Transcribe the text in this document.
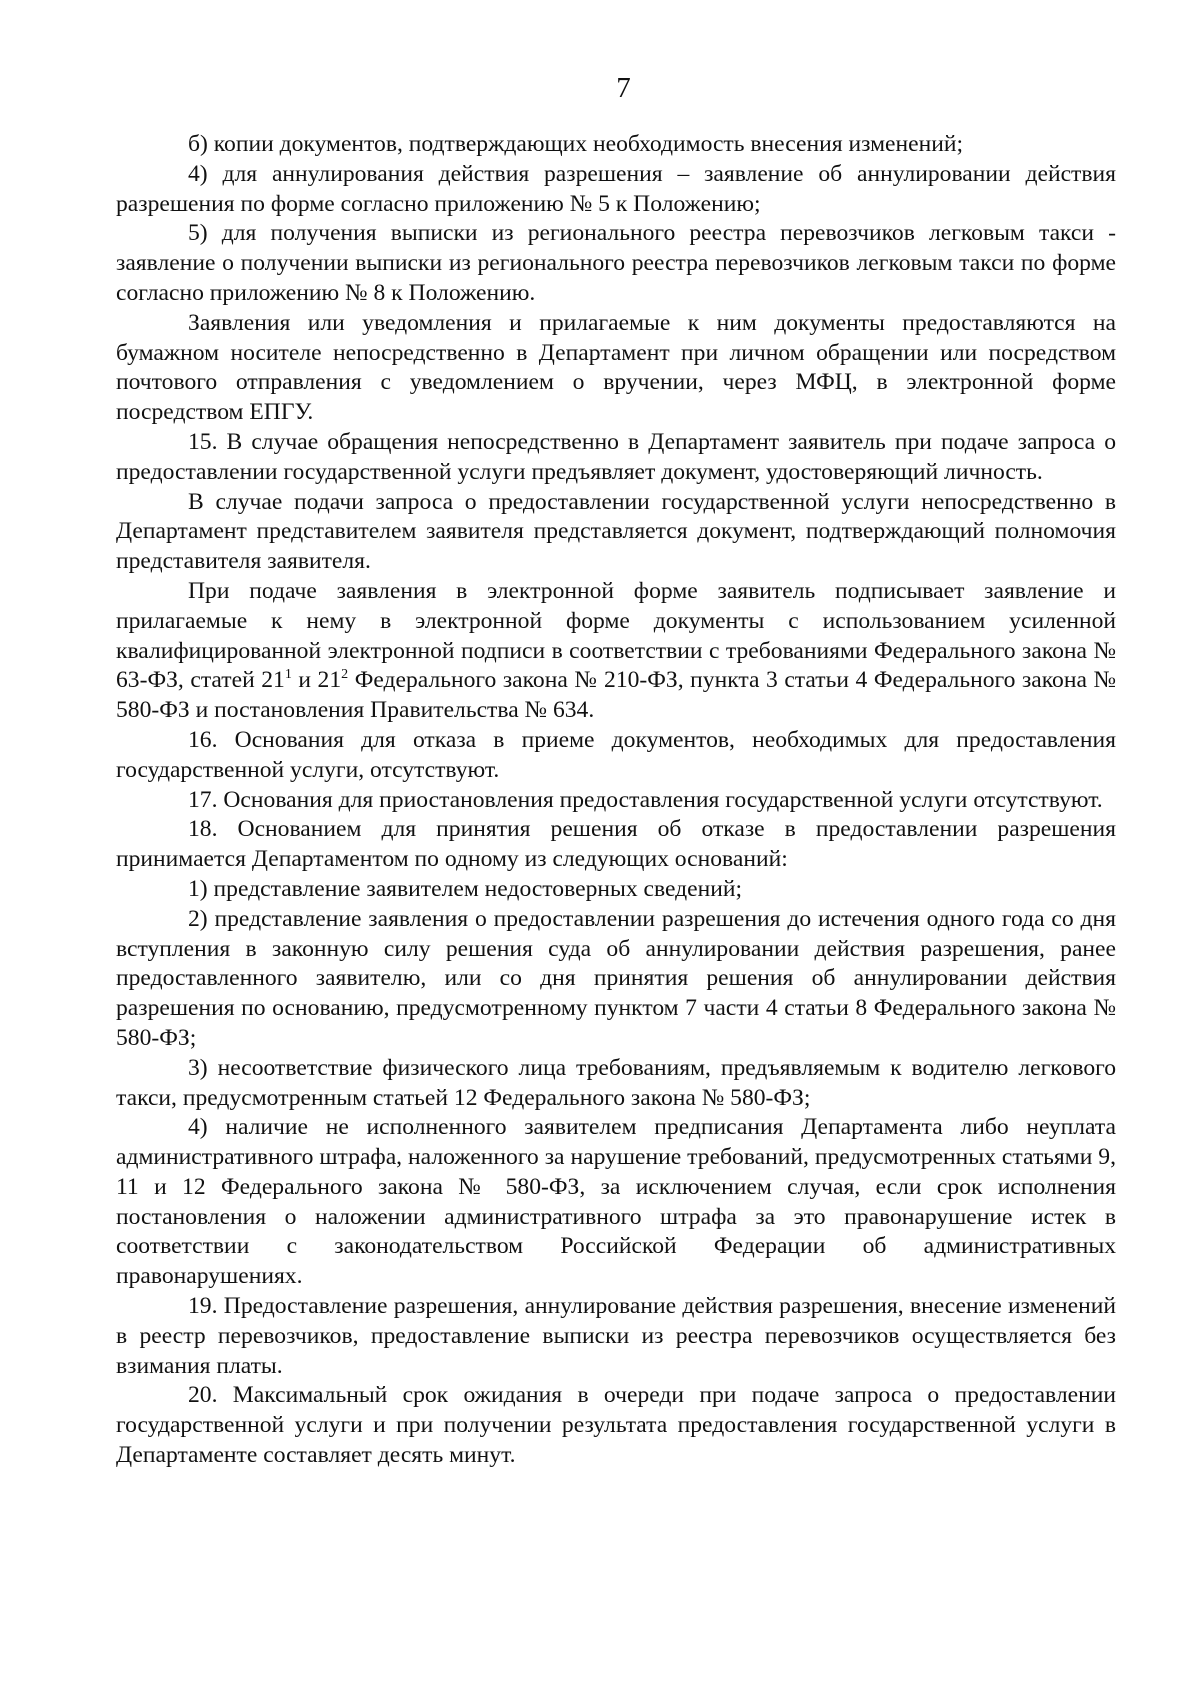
7

б) копии документов, подтверждающих необходимость внесения изменений;

4) для аннулирования действия разрешения – заявление об аннулировании действия разрешения по форме согласно приложению № 5 к Положению;

5) для получения выписки из регионального реестра перевозчиков легковым такси - заявление о получении выписки из регионального реестра перевозчиков легковым такси по форме согласно приложению № 8 к Положению.

Заявления или уведомления и прилагаемые к ним документы предоставляются на бумажном носителе непосредственно в Департамент при личном обращении или посредством почтового отправления с уведомлением о вручении, через МФЦ, в электронной форме посредством ЕПГУ.

15. В случае обращения непосредственно в Департамент заявитель при подаче запроса о предоставлении государственной услуги предъявляет документ, удостоверяющий личность.

В случае подачи запроса о предоставлении государственной услуги непосредственно в Департамент представителем заявителя представляется документ, подтверждающий полномочия представителя заявителя.

При подаче заявления в электронной форме заявитель подписывает заявление и прилагаемые к нему в электронной форме документы с использованием усиленной квалифицированной электронной подписи в соответствии с требованиями Федерального закона № 63-ФЗ, статей $21^1$ и $21^2$ Федерального закона № 210-ФЗ, пункта 3 статьи 4 Федерального закона № 580-ФЗ и постановления Правительства № 634.

16. Основания для отказа в приеме документов, необходимых для предоставления государственной услуги, отсутствуют.

17. Основания для приостановления предоставления государственной услуги отсутствуют.

18. Основанием для принятия решения об отказе в предоставлении разрешения принимается Департаментом по одному из следующих оснований:

1) представление заявителем недостоверных сведений;

2) представление заявления о предоставлении разрешения до истечения одного года со дня вступления в законную силу решения суда об аннулировании действия разрешения, ранее предоставленного заявителю, или со дня принятия решения об аннулировании действия разрешения по основанию, предусмотренному пунктом 7 части 4 статьи 8 Федерального закона № 580-ФЗ;

3) несоответствие физического лица требованиям, предъявляемым к водителю легкового такси, предусмотренным статьей 12 Федерального закона № 580-ФЗ;

4) наличие не исполненного заявителем предписания Департамента либо неуплата административного штрафа, наложенного за нарушение требований, предусмотренных статьями 9, 11 и 12 Федерального закона № 580-ФЗ, за исключением случая, если срок исполнения постановления о наложении административного штрафа за это правонарушение истек в соответствии с законодательством Российской Федерации об административных правонарушениях.

19. Предоставление разрешения, аннулирование действия разрешения, внесение изменений в реестр перевозчиков, предоставление выписки из реестра перевозчиков осуществляется без взимания платы.

20. Максимальный срок ожидания в очереди при подаче запроса о предоставлении государственной услуги и при получении результата предоставления государственной услуги в Департаменте составляет десять минут.
